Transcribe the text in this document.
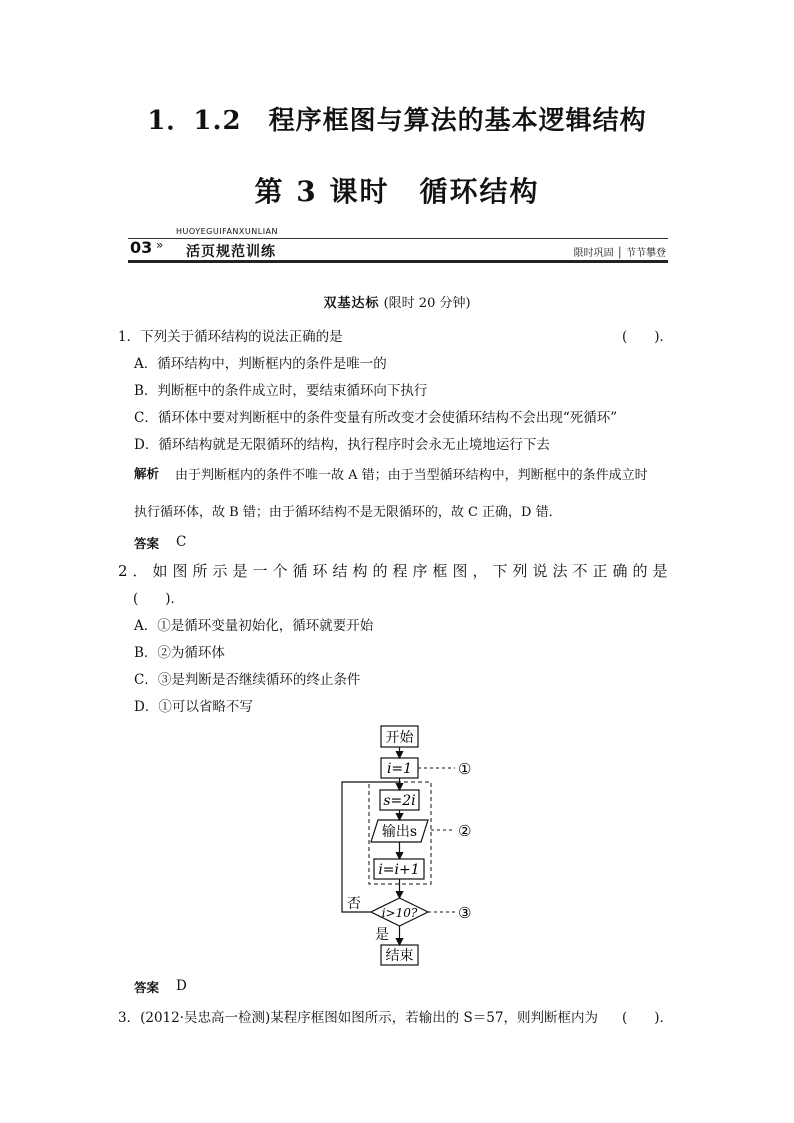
1．1.2　程序框图与算法的基本逻辑结构
第 3 课时　循环结构
HUOYEGUIFANXUNLIAN
03 » 活页规范训练	限时巩固 │ 节节攀登
双基达标 (限时 20 分钟)
1．下列关于循环结构的说法正确的是	(　　)．
A．循环结构中，判断框内的条件是唯一的
B．判断框中的条件成立时，要结束循环向下执行
C．循环体中要对判断框中的条件变量有所改变才会使循环结构不会出现“死循环”
D．循环结构就是无限循环的结构，执行程序时会永无止境地运行下去
解析 由于判断框内的条件不唯一故 A 错；由于当型循环结构中，判断框中的条件成立时
执行循环体，故 B 错；由于循环结构不是无限循环的，故 C 正确，D 错．
答案 C
2．如图所示是一个循环结构的程序框图，下列说法不正确的是
(　　)．
A．①是循环变量初始化，循环就要开始
B．②为循环体
C．③是判断是否继续循环的终止条件
D．①可以省略不写
开始
i=1	①
②
s=2i
输出s
i=i+1
i>10?	③
否
是
结束
答案 D
3．(2012·吴忠高一检测)某程序框图如图所示，若输出的 S＝57，则判断框内为 (　　)．
